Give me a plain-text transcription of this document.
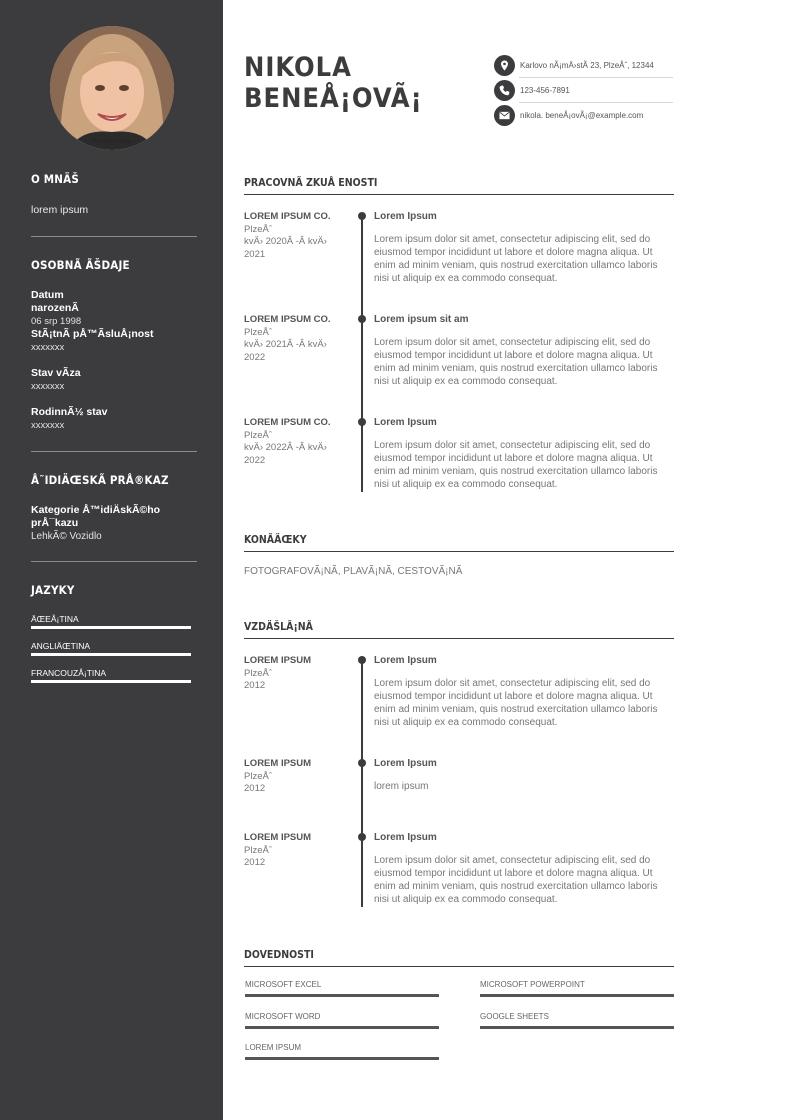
Pro-person-dove
O MNÄŠ
lorem ipsum
OSOBNÃ ÃŠDAJE
Datum narozenÃ
06 srp 1998
StÃ¡tnÃ pÅ™ÃsluÅ¡nost
xxxxxxx
Stav vÃza
xxxxxxx
RodinnÃ½ stav
xxxxxxx
Å˜IDIÄŒSKÃ PRÅ®KAZ
Kategorie Å™idiÄskÃ©ho
prÅ¯kazu
LehkÃ© Vozidlo
JAZYKY
ÄŒEÅ¡TINA
ANGLIÄŒTINA
FRANCOUZÅ¡TINA
NIKOLA
BENEÅ¡OVÃ¡
Karlovo nÃ¡mÄ›stÃ 23, PlzeÅˆ, 12344
123-456-7891
nikola. beneÅ¡ovÃ¡@example.com
PRACOVNÃ ZKUÅ ENOSTI
LOREM IPSUM CO.
PlzeÅˆ
kvÄ› 2020Â -Â kvÄ›
2021
Lorem Ipsum
Lorem ipsum dolor sit amet, consectetur adipiscing elit, sed do eiusmod tempor incididunt ut labore et dolore magna aliqua. Ut enim ad minim veniam, quis nostrud exercitation ullamco laboris nisi ut aliquip ex ea commodo consequat.
LOREM IPSUM CO.
PlzeÅˆ
kvÄ› 2021Â -Â kvÄ›
2022
Lorem ipsum sit am
Lorem ipsum dolor sit amet, consectetur adipiscing elit, sed do eiusmod tempor incididunt ut labore et dolore magna aliqua. Ut enim ad minim veniam, quis nostrud exercitation ullamco laboris nisi ut aliquip ex ea commodo consequat.
LOREM IPSUM CO.
PlzeÅˆ
kvÄ› 2022Â -Â kvÄ›
2022
Lorem Ipsum
Lorem ipsum dolor sit amet, consectetur adipiscing elit, sed do eiusmod tempor incididunt ut labore et dolore magna aliqua. Ut enim ad minim veniam, quis nostrud exercitation ullamco laboris nisi ut aliquip ex ea commodo consequat.
KONÃÄŒKY
FOTOGRAFOVÃ¡NÃ, PLAVÃ¡NÃ, CESTOVÃ¡NÃ
VZDÄŠLÃ¡NÃ
LOREM IPSUM
PlzeÅˆ
2012
Lorem Ipsum
Lorem ipsum dolor sit amet, consectetur adipiscing elit, sed do eiusmod tempor incididunt ut labore et dolore magna aliqua. Ut enim ad minim veniam, quis nostrud exercitation ullamco laboris nisi ut aliquip ex ea commodo consequat.
LOREM IPSUM
PlzeÅˆ
2012
Lorem Ipsum
lorem ipsum
LOREM IPSUM
PlzeÅˆ
2012
Lorem Ipsum
Lorem ipsum dolor sit amet, consectetur adipiscing elit, sed do eiusmod tempor incididunt ut labore et dolore magna aliqua. Ut enim ad minim veniam, quis nostrud exercitation ullamco laboris nisi ut aliquip ex ea commodo consequat.
DOVEDNOSTI
MICROSOFT EXCEL	MICROSOFT POWERPOINT
MICROSOFT WORD	GOOGLE SHEETS
LOREM IPSUM
